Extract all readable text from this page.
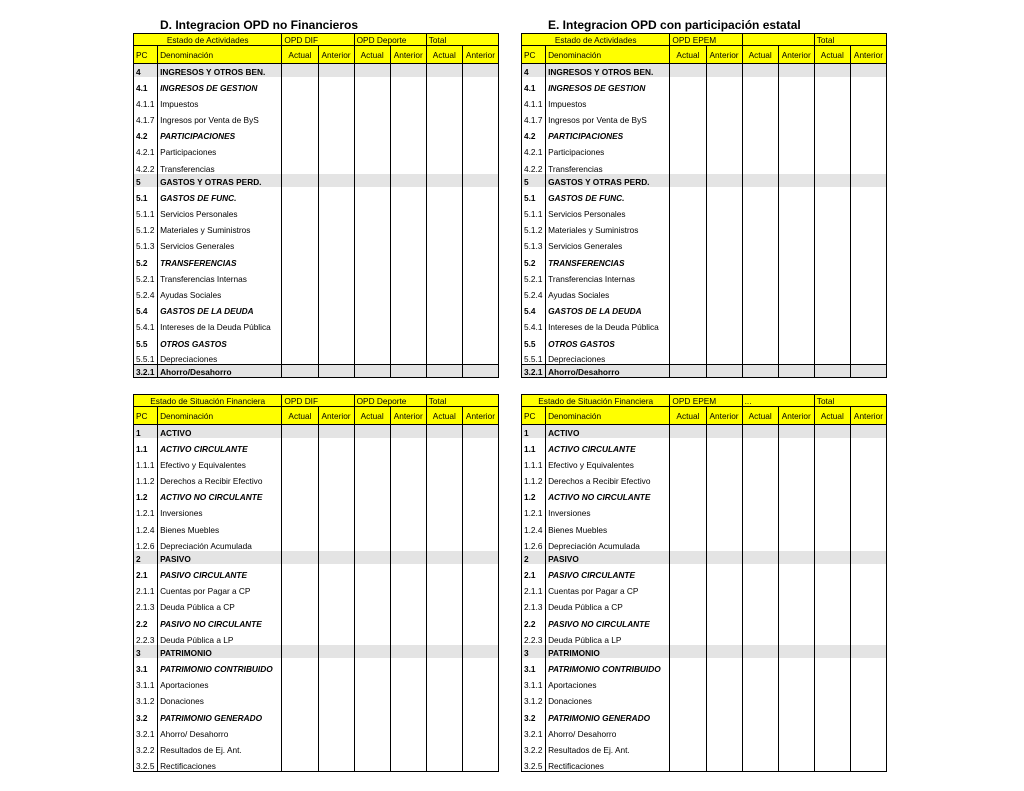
D. Integracion OPD no Financieros	E. Integracion OPD con participación estatal
Estado de Actividades		OPD DIF		OPD Deporte		Total	
PC	Denominación	Actual	Anterior	Actual	Anterior	Actual	Anterior
4	INGRESOS Y OTROS BEN.						
4.1	INGRESOS DE GESTION						
4.1.1	Impuestos						
4.1.7	Ingresos por Venta de ByS						
4.2	PARTICIPACIONES						
4.2.1	Participaciones						
4.2.2	Transferencias						
5	GASTOS Y OTRAS PERD.						
5.1	GASTOS DE FUNC.						
5.1.1	Servicios Personales						
5.1.2	Materiales y Suministros						
5.1.3	Servicios Generales						
5.2	TRANSFERENCIAS						
5.2.1	Transferencias Internas						
5.2.4	Ayudas Sociales						
5.4	GASTOS DE LA DEUDA						
5.4.1	Intereses de la Deuda Pública						
5.5	OTROS GASTOS						
5.5.1	Depreciaciones						
3.2.1	Ahorro/Desahorro						
Estado de Actividades		OPD EPEM				Total	
PC	Denominación	Actual	Anterior	Actual	Anterior	Actual	Anterior
4	INGRESOS Y OTROS BEN.						
4.1	INGRESOS DE GESTION						
4.1.1	Impuestos						
4.1.7	Ingresos por Venta de ByS						
4.2	PARTICIPACIONES						
4.2.1	Participaciones						
4.2.2	Transferencias						
5	GASTOS Y OTRAS PERD.						
5.1	GASTOS DE FUNC.						
5.1.1	Servicios Personales						
5.1.2	Materiales y Suministros						
5.1.3	Servicios Generales						
5.2	TRANSFERENCIAS						
5.2.1	Transferencias Internas						
5.2.4	Ayudas Sociales						
5.4	GASTOS DE LA DEUDA						
5.4.1	Intereses de la Deuda Pública						
5.5	OTROS GASTOS						
5.5.1	Depreciaciones						
3.2.1	Ahorro/Desahorro						
Estado de Situación Financiera		OPD DIF		OPD Deporte		Total	
PC	Denominación	Actual	Anterior	Actual	Anterior	Actual	Anterior
1	ACTIVO						
1.1	ACTIVO CIRCULANTE						
1.1.1	Efectivo y Equivalentes						
1.1.2	Derechos a Recibir Efectivo						
1.2	ACTIVO NO CIRCULANTE						
1.2.1	Inversiones						
1.2.4	Bienes Muebles						
1.2.6	Depreciación Acumulada						
2	PASIVO						
2.1	PASIVO CIRCULANTE						
2.1.1	Cuentas por Pagar a CP						
2.1.3	Deuda Pública a CP						
2.2	PASIVO NO CIRCULANTE						
2.2.3	Deuda Pública a LP						
3	PATRIMONIO						
3.1	PATRIMONIO CONTRIBUIDO						
3.1.1	Aportaciones						
3.1.2	Donaciones						
3.2	PATRIMONIO GENERADO						
3.2.1	Ahorro/ Desahorro						
3.2.2	Resultados de Ej. Ant.						
3.2.5	Rectificaciones						
Estado de Situación Financiera		OPD EPEM		...		Total	
PC	Denominación	Actual	Anterior	Actual	Anterior	Actual	Anterior
1	ACTIVO						
1.1	ACTIVO CIRCULANTE						
1.1.1	Efectivo y Equivalentes						
1.1.2	Derechos a Recibir Efectivo						
1.2	ACTIVO NO CIRCULANTE						
1.2.1	Inversiones						
1.2.4	Bienes Muebles						
1.2.6	Depreciación Acumulada						
2	PASIVO						
2.1	PASIVO CIRCULANTE						
2.1.1	Cuentas por Pagar a CP						
2.1.3	Deuda Pública a CP						
2.2	PASIVO NO CIRCULANTE						
2.2.3	Deuda Pública a LP						
3	PATRIMONIO						
3.1	PATRIMONIO CONTRIBUIDO						
3.1.1	Aportaciones						
3.1.2	Donaciones						
3.2	PATRIMONIO GENERADO						
3.2.1	Ahorro/ Desahorro						
3.2.2	Resultados de Ej. Ant.						
3.2.5	Rectificaciones						
